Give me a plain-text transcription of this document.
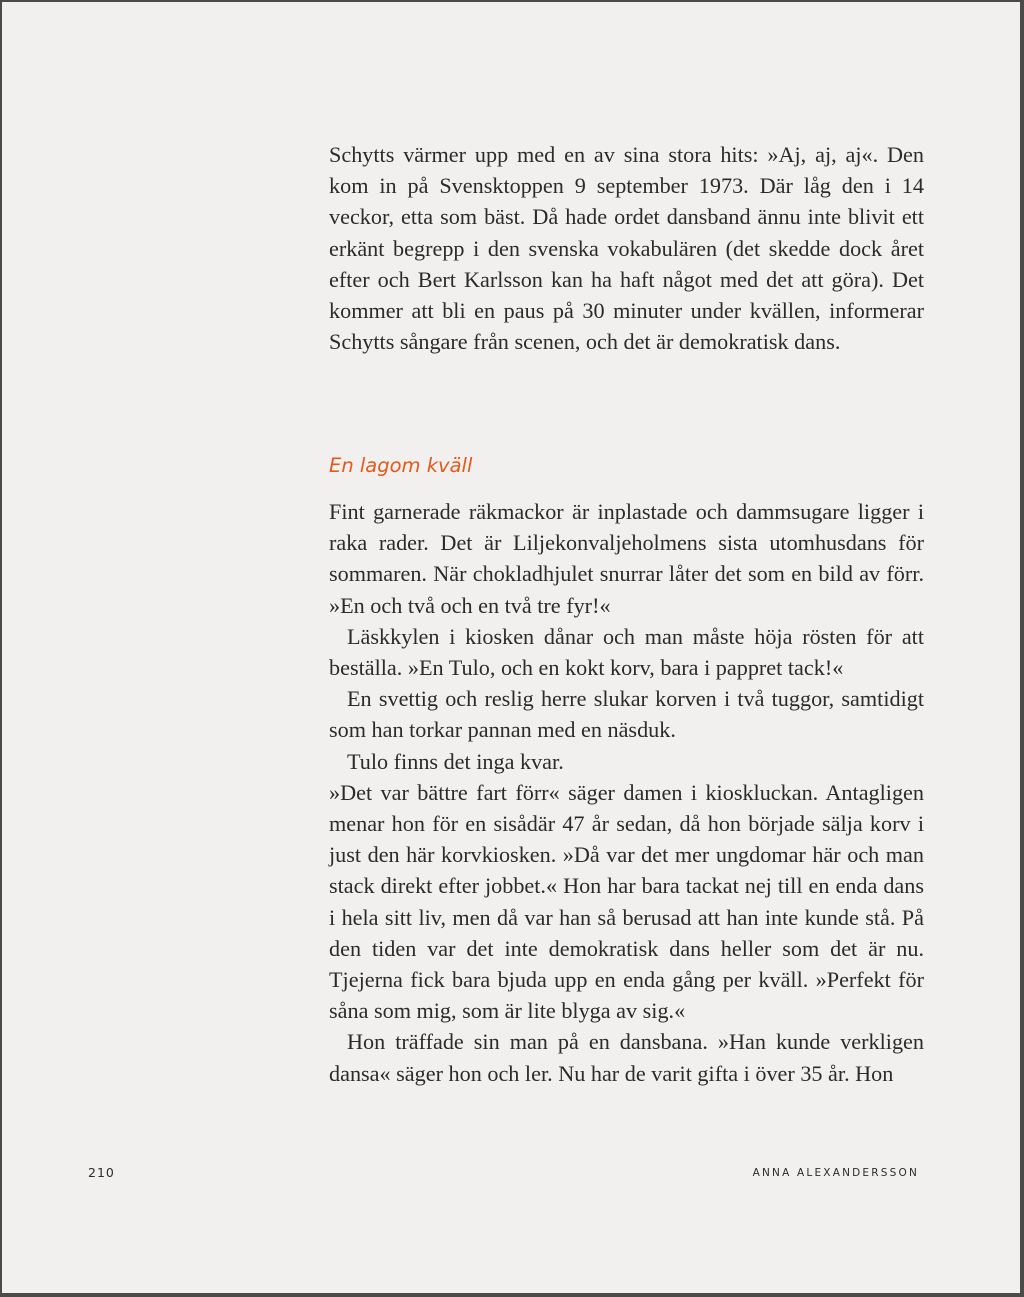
Schytts värmer upp med en av sina stora hits: »Aj, aj, aj«. Den kom in på Svensktoppen 9 september 1973. Där låg den i 14 veckor, etta som bäst. Då hade ordet dansband ännu inte blivit ett erkänt begrepp i den svenska vokabulären (det skedde dock året efter och Bert Karlsson kan ha haft något med det att göra). Det kommer att bli en paus på 30 minuter under kvällen, informerar Schytts sångare från scenen, och det är demokratisk dans.

En lagom kväll

Fint garnerade räkmackor är inplastade och dammsugare ligger i raka rader. Det är Liljekonvaljeholmens sista utomhusdans för sommaren. När chokladhjulet snurrar låter det som en bild av förr. »En och två och en två tre fyr!«

Läskkylen i kiosken dånar och man måste höja rösten för att beställa. »En Tulo, och en kokt korv, bara i pappret tack!«

En svettig och reslig herre slukar korven i två tuggor, samtidigt som han torkar pannan med en näsduk.

Tulo finns det inga kvar.

»Det var bättre fart förr« säger damen i kioskluckan. Antagligen menar hon för en sisådär 47 år sedan, då hon började sälja korv i just den här korvkiosken. »Då var det mer ungdomar här och man stack direkt efter jobbet.« Hon har bara tackat nej till en enda dans i hela sitt liv, men då var han så berusad att han inte kunde stå. På den tiden var det inte demokratisk dans heller som det är nu. Tjejerna fick bara bjuda upp en enda gång per kväll. »Perfekt för såna som mig, som är lite blyga av sig.«

Hon träffade sin man på en dansbana. »Han kunde verkligen dansa« säger hon och ler. Nu har de varit gifta i över 35 år. Hon

210	ANNA ALEXANDERSSON
